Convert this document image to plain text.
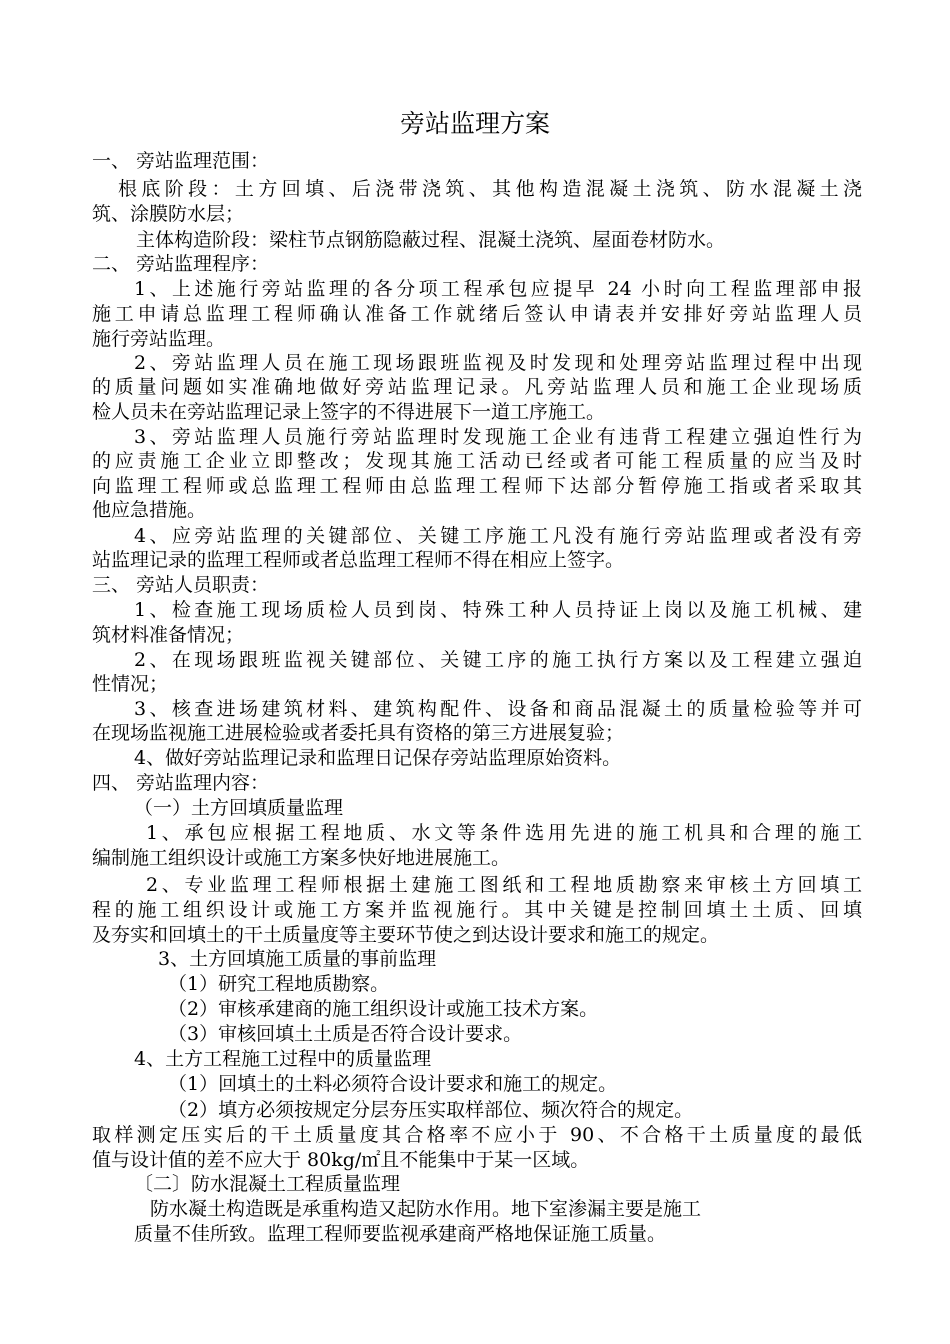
旁站监理方案
一、 旁站监理范围：
根底阶段：土方回填、后浇带浇筑、其他构造混凝土浇筑、防水混凝土浇
筑、涂膜防水层；
主体构造阶段：梁柱节点钢筋隐蔽过程、混凝土浇筑、屋面卷材防水。
二、 旁站监理程序：
1、上述施行旁站监理的各分项工程承包应提早 24 小时向工程监理部申报
施工申请总监理工程师确认准备工作就绪后签认申请表并安排好旁站监理人员
施行旁站监理。
2、旁站监理人员在施工现场跟班监视及时发现和处理旁站监理过程中出现
的质量问题如实准确地做好旁站监理记录。凡旁站监理人员和施工企业现场质
检人员未在旁站监理记录上签字的不得进展下一道工序施工。
3、旁站监理人员施行旁站监理时发现施工企业有违背工程建立强迫性行为
的应责施工企业立即整改；发现其施工活动已经或者可能工程质量的应当及时
向监理工程师或总监理工程师由总监理工程师下达部分暂停施工指或者采取其
他应急措施。
4、应旁站监理的关键部位、关键工序施工凡没有施行旁站监理或者没有旁
站监理记录的监理工程师或者总监理工程师不得在相应上签字。
三、 旁站人员职责：
1、检查施工现场质检人员到岗、特殊工种人员持证上岗以及施工机械、建
筑材料准备情况；
2、在现场跟班监视关键部位、关键工序的施工执行方案以及工程建立强迫
性情况；
3、核查进场建筑材料、建筑构配件、设备和商品混凝土的质量检验等并可
在现场监视施工进展检验或者委托具有资格的第三方进展复验；
4、做好旁站监理记录和监理日记保存旁站监理原始资料。
四、 旁站监理内容：
（一）土方回填质量监理
1、承包应根据工程地质、水文等条件选用先进的施工机具和合理的施工
编制施工组织设计或施工方案多快好地进展施工。
2、专业监理工程师根据土建施工图纸和工程地质勘察来审核土方回填工
程的施工组织设计或施工方案并监视施行。其中关键是控制回填土土质、回填
及夯实和回填土的干土质量度等主要环节使之到达设计要求和施工的规定。
3、土方回填施工质量的事前监理
（1）研究工程地质勘察。
（2）审核承建商的施工组织设计或施工技术方案。
（3）审核回填土土质是否符合设计要求。
4、土方工程施工过程中的质量监理
（1）回填土的土料必须符合设计要求和施工的规定。
（2）填方必须按规定分层夯压实取样部位、频次符合的规定。
取样测定压实后的干土质量度其合格率不应小于 90、不合格干土质量度的最低
值与设计值的差不应大于 80kg/㎡且不能集中于某一区域。
〔二〕防水混凝土工程质量监理
防水凝土构造既是承重构造又起防水作用。地下室渗漏主要是施工
质量不佳所致。监理工程师要监视承建商严格地保证施工质量。
